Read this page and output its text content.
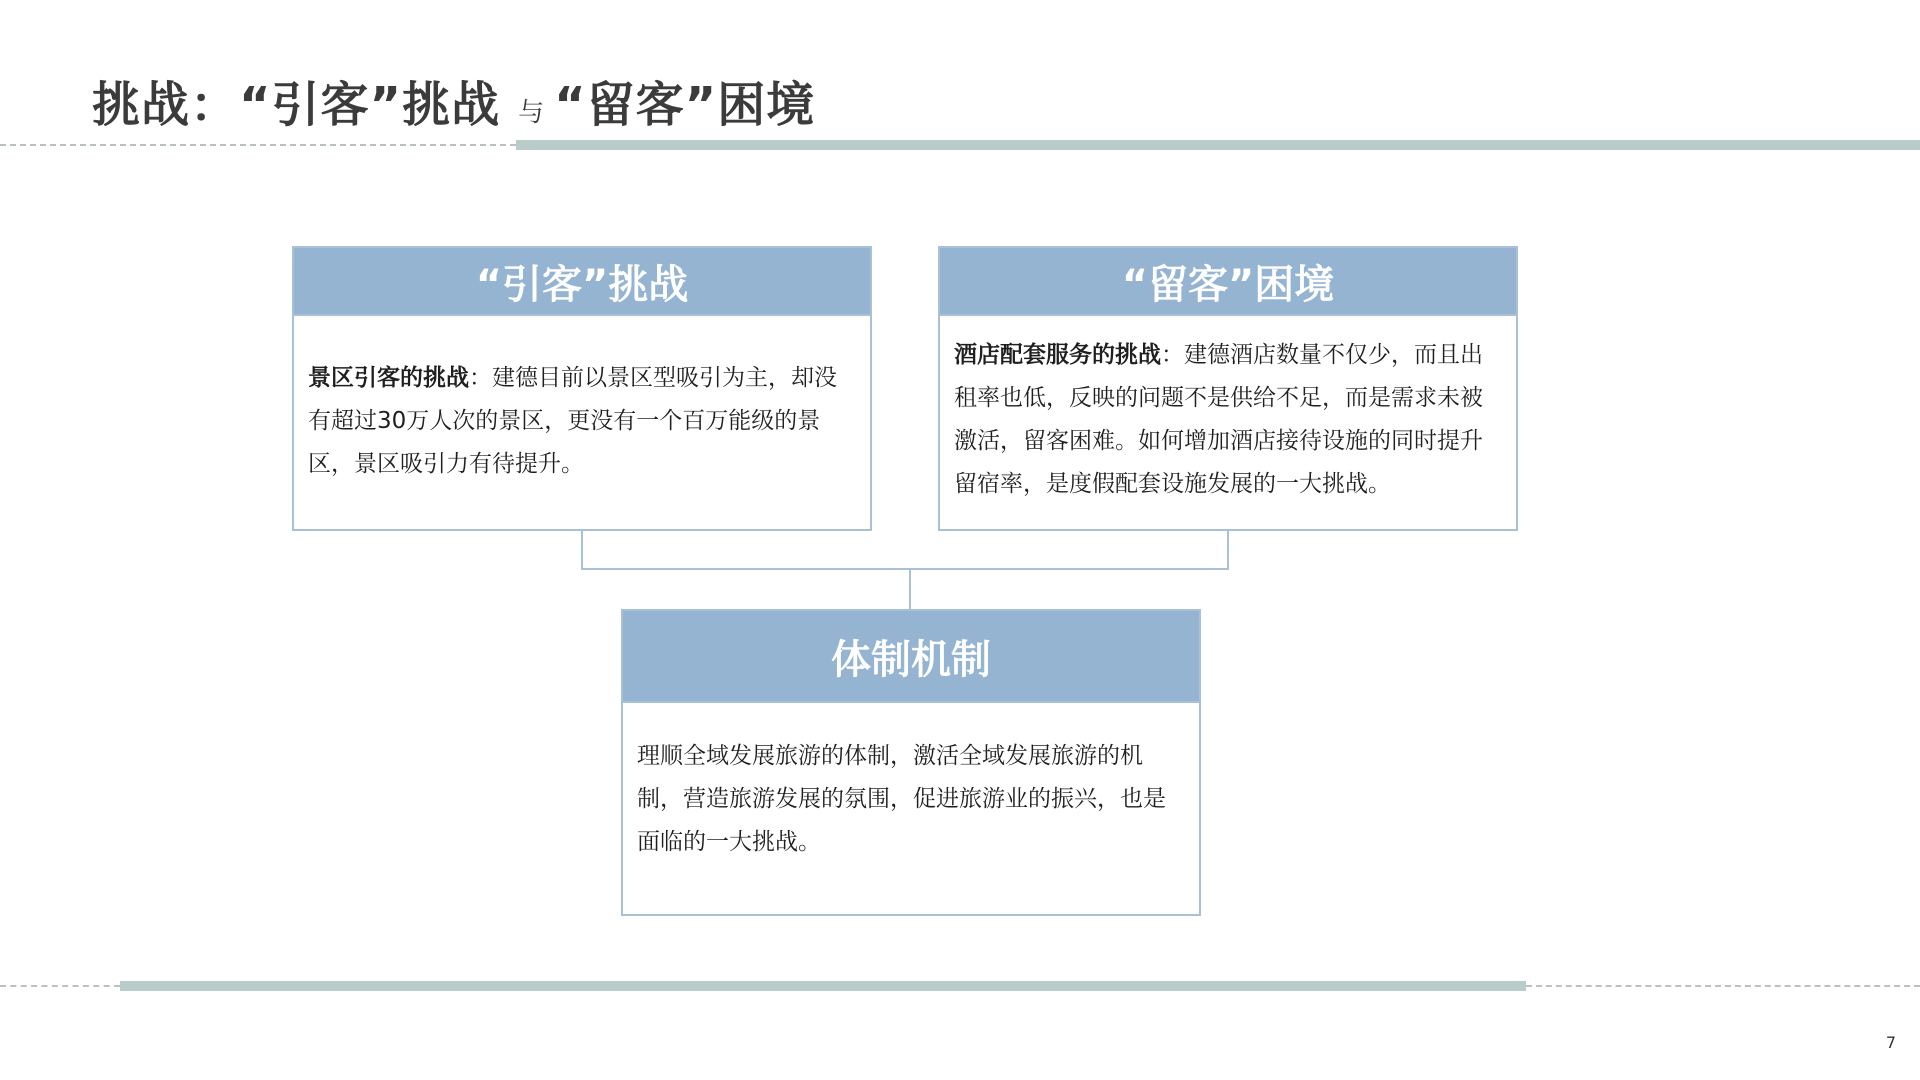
挑战：“引客”挑战 与 “留客”困境
“引客”挑战
景区引客的挑战：建德目前以景区型吸引为主，却没有超过30万人次的景区，更没有一个百万能级的景区，景区吸引力有待提升。
“留客”困境
酒店配套服务的挑战：建德酒店数量不仅少，而且出租率也低，反映的问题不是供给不足，而是需求未被激活，留客困难。如何增加酒店接待设施的同时提升留宿率，是度假配套设施发展的一大挑战。
体制机制
理顺全域发展旅游的体制，激活全域发展旅游的机制，营造旅游发展的氛围，促进旅游业的振兴，也是面临的一大挑战。
7
